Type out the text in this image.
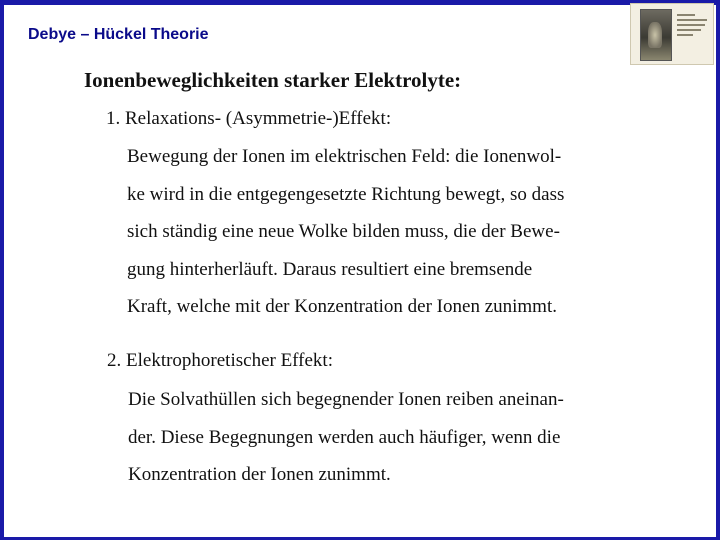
Debye – Hückel Theorie
Ionenbeweglichkeiten starker Elektrolyte:
1. Relaxations- (Asymmetrie-)Effekt:
Bewegung der Ionen im elektrischen Feld: die Ionenwol-
ke wird in die entgegengesetzte Richtung bewegt, so dass
sich ständig eine neue Wolke bilden muss, die der Bewe-
gung hinterherläuft. Daraus resultiert eine bremsende
Kraft, welche mit der Konzentration der Ionen zunimmt.
2. Elektrophoretischer Effekt:
Die Solvathüllen sich begegnender Ionen reiben aneinan-
der. Diese Begegnungen werden auch häufiger, wenn die
Konzentration der Ionen zunimmt.
